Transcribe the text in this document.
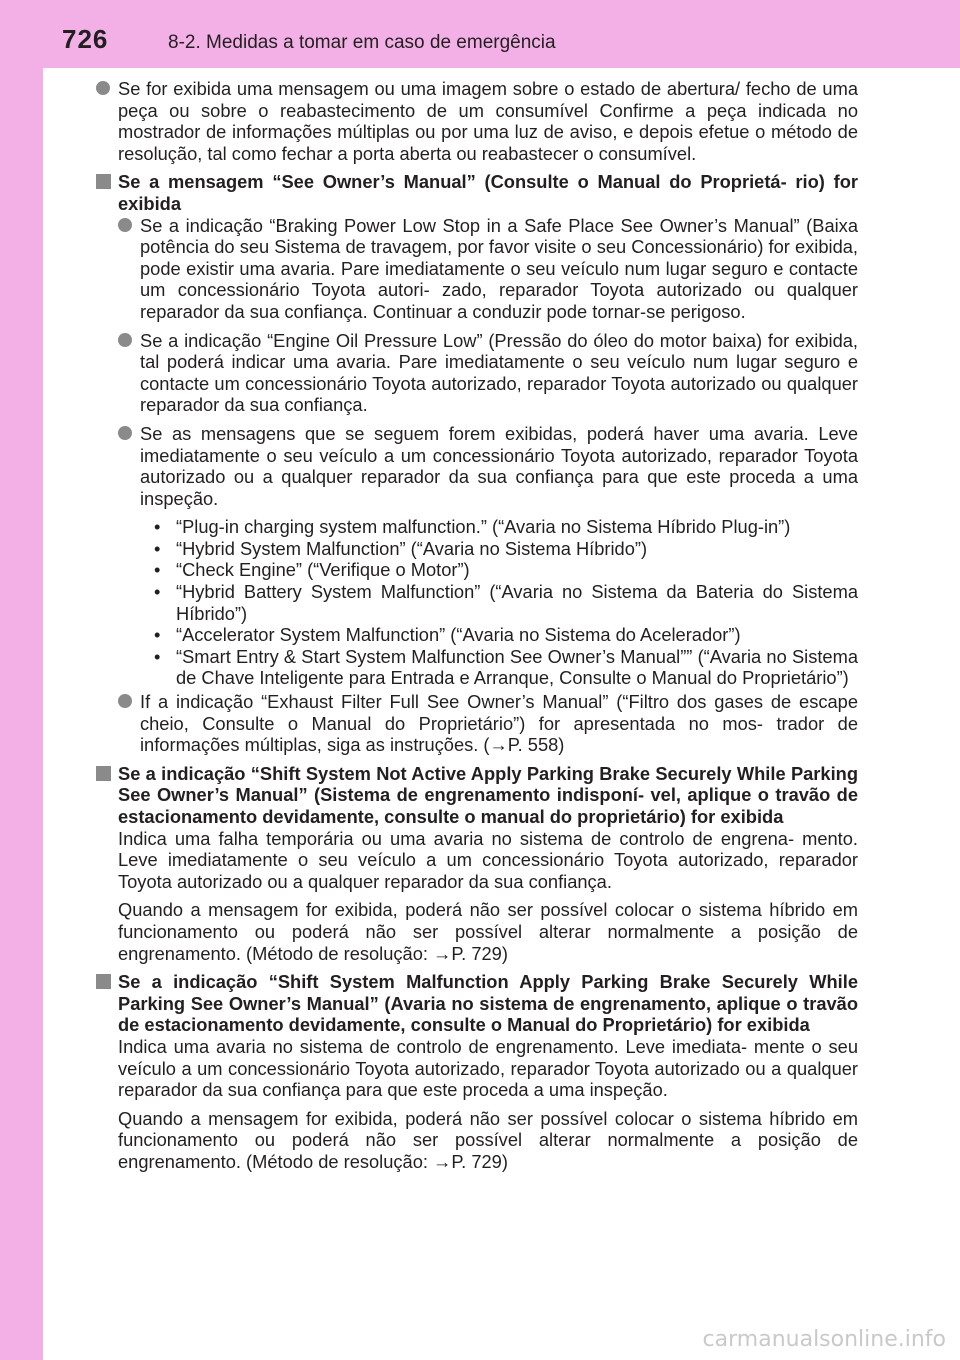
726	8-2. Medidas a tomar em caso de emergência
Se for exibida uma mensagem ou uma imagem sobre o estado de abertura/ fecho de uma peça ou sobre o reabastecimento de um consumível Confirme a peça indicada no mostrador de informações múltiplas ou por uma luz de aviso, e depois efetue o método de resolução, tal como fechar a porta aberta ou reabastecer o consumível.
Se a mensagem “See Owner’s Manual” (Consulte o Manual do Proprietá- rio) for exibida
Se a indicação “Braking Power Low Stop in a Safe Place See Owner’s Manual” (Baixa potência do seu Sistema de travagem, por favor visite o seu Concessionário) for exibida, pode existir uma avaria. Pare imediatamente o seu veículo num lugar seguro e contacte um concessionário Toyota autori- zado, reparador Toyota autorizado ou qualquer reparador da sua confiança. Continuar a conduzir pode tornar-se perigoso.
Se a indicação “Engine Oil Pressure Low” (Pressão do óleo do motor baixa) for exibida, tal poderá indicar uma avaria. Pare imediatamente o seu veículo num lugar seguro e contacte um concessionário Toyota autorizado, reparador Toyota autorizado ou qualquer reparador da sua confiança.
Se as mensagens que se seguem forem exibidas, poderá haver uma avaria. Leve imediatamente o seu veículo a um concessionário Toyota autorizado, reparador Toyota autorizado ou a qualquer reparador da sua confiança para que este proceda a uma inspeção.
• “Plug-in charging system malfunction.” (“Avaria no Sistema Híbrido Plug-in”)
• “Hybrid System Malfunction” (“Avaria no Sistema Híbrido”)
• “Check Engine” (“Verifique o Motor”)
• “Hybrid Battery System Malfunction” (“Avaria no Sistema da Bateria do Sistema Híbrido”)
• “Accelerator System Malfunction” (“Avaria no Sistema do Acelerador”)
• “Smart Entry & Start System Malfunction See Owner’s Manual”” (“Avaria no Sistema de Chave Inteligente para Entrada e Arranque, Consulte o Manual do Proprietário”)
If a indicação “Exhaust Filter Full See Owner’s Manual” (“Filtro dos gases de escape cheio, Consulte o Manual do Proprietário”) for apresentada no mos- trador de informações múltiplas, siga as instruções. (→P. 558)
Se a indicação “Shift System Not Active Apply Parking Brake Securely While Parking See Owner’s Manual” (Sistema de engrenamento indisponí- vel, aplique o travão de estacionamento devidamente, consulte o manual do proprietário) for exibida
Indica uma falha temporária ou uma avaria no sistema de controlo de engrena- mento. Leve imediatamente o seu veículo a um concessionário Toyota autorizado, reparador Toyota autorizado ou a qualquer reparador da sua confiança.
Quando a mensagem for exibida, poderá não ser possível colocar o sistema híbrido em funcionamento ou poderá não ser possível alterar normalmente a posição de engrenamento. (Método de resolução: →P. 729)
Se a indicação “Shift System Malfunction Apply Parking Brake Securely While Parking See Owner’s Manual” (Avaria no sistema de engrenamento, aplique o travão de estacionamento devidamente, consulte o Manual do Proprietário) for exibida
Indica uma avaria no sistema de controlo de engrenamento. Leve imediata- mente o seu veículo a um concessionário Toyota autorizado, reparador Toyota autorizado ou a qualquer reparador da sua confiança para que este proceda a uma inspeção.
Quando a mensagem for exibida, poderá não ser possível colocar o sistema híbrido em funcionamento ou poderá não ser possível alterar normalmente a posição de engrenamento. (Método de resolução: →P. 729)
carmanualsonline.info
